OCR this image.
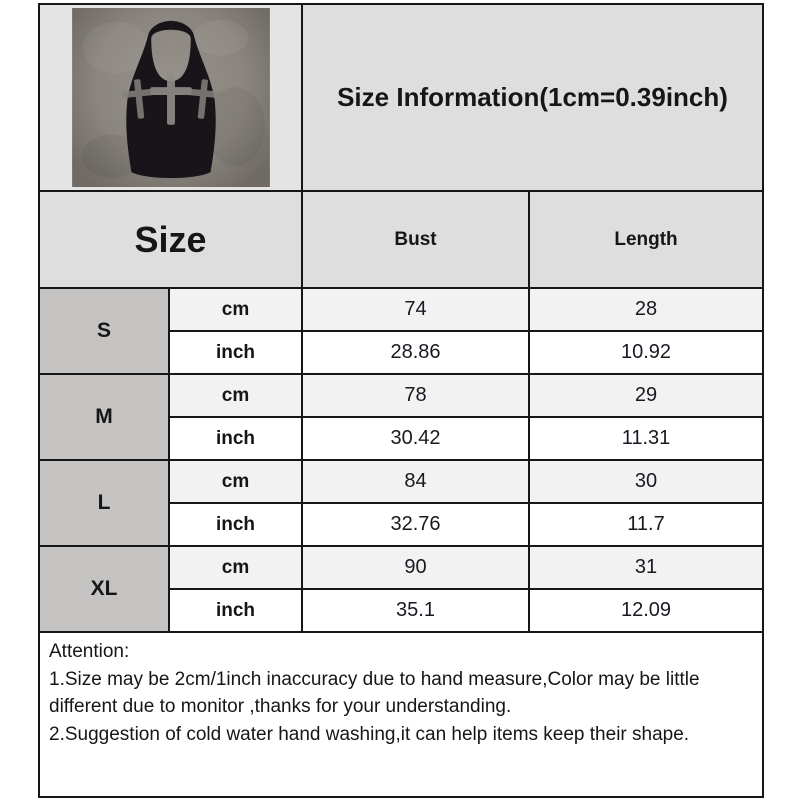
	Size Information(1cm=0.39inch)	
Size		Bust	Length
S	cm	74	28
	inch	28.86	10.92
M	cm	78	29
	inch	30.42	11.31
L	cm	84	30
	inch	32.76	11.7
XL	cm	90	31
	inch	35.1	12.09

Attention:
1.Size may be 2cm/1inch inaccuracy due to hand measure,Color may be little different due to monitor ,thanks for your understanding.
2.Suggestion of cold water hand washing,it can help items keep their shape.			
